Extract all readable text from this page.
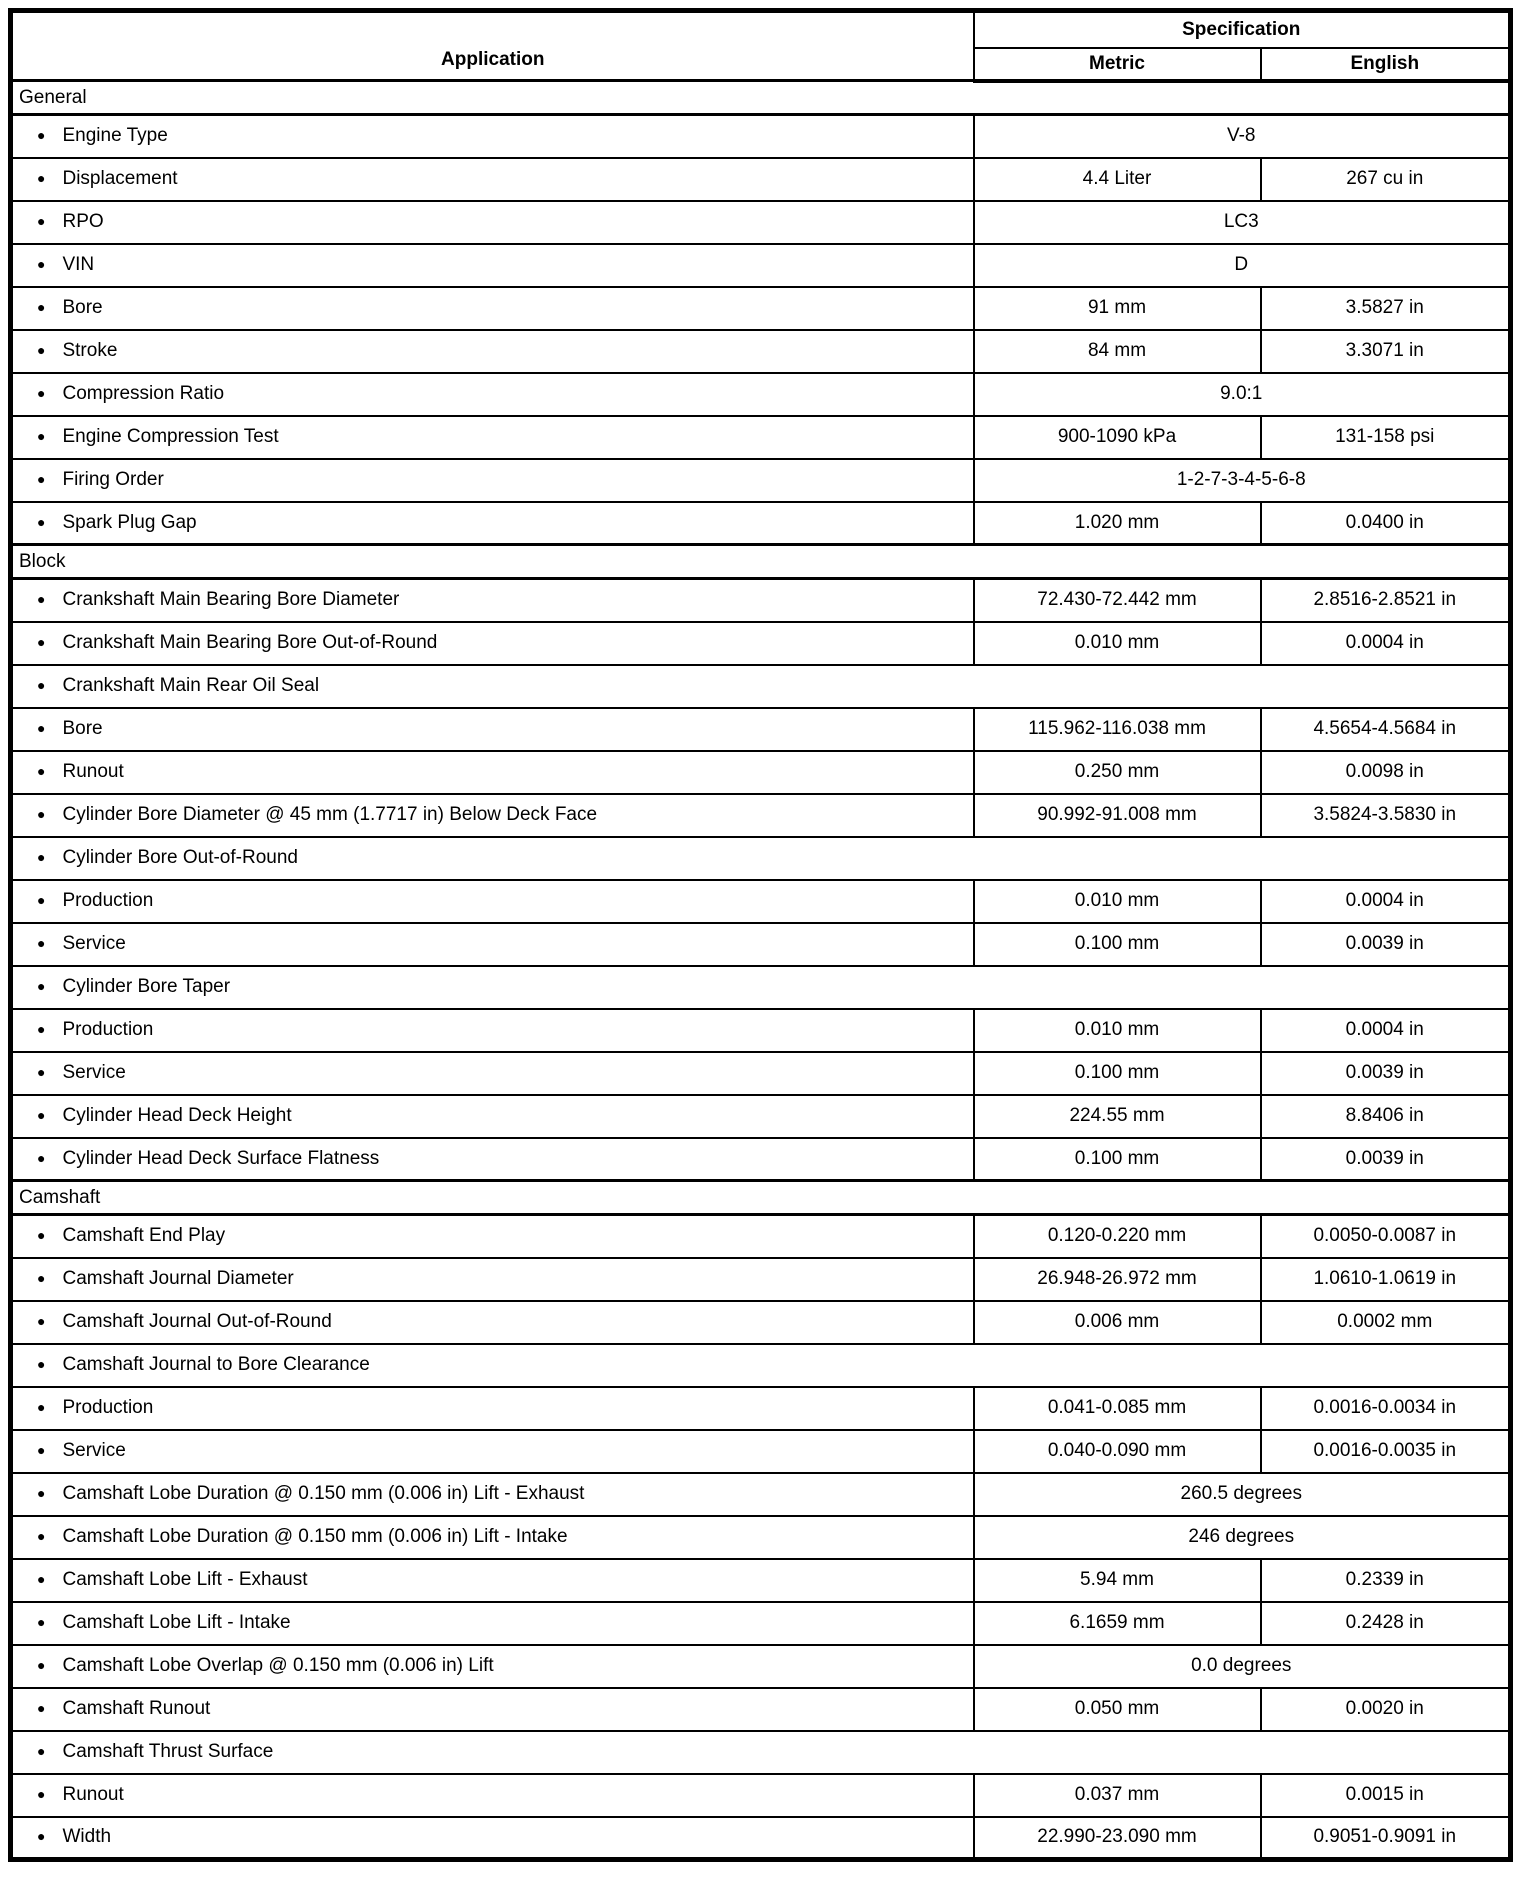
Application	Specification	
	Metric	English
General		
● Engine Type	V-8	
● Displacement	4.4 Liter	267 cu in
● RPO	LC3	
● VIN	D	
● Bore	91 mm	3.5827 in
● Stroke	84 mm	3.3071 in
● Compression Ratio	9.0:1	
● Engine Compression Test	900-1090 kPa	131-158 psi
● Firing Order	1-2-7-3-4-5-6-8	
● Spark Plug Gap	1.020 mm	0.0400 in
Block		
● Crankshaft Main Bearing Bore Diameter	72.430-72.442 mm	2.8516-2.8521 in
● Crankshaft Main Bearing Bore Out-of-Round	0.010 mm	0.0004 in
● Crankshaft Main Rear Oil Seal		
● Bore	115.962-116.038 mm	4.5654-4.5684 in
● Runout	0.250 mm	0.0098 in
● Cylinder Bore Diameter @ 45 mm (1.7717 in) Below Deck Face	90.992-91.008 mm	3.5824-3.5830 in
● Cylinder Bore Out-of-Round		
● Production	0.010 mm	0.0004 in
● Service	0.100 mm	0.0039 in
● Cylinder Bore Taper		
● Production	0.010 mm	0.0004 in
● Service	0.100 mm	0.0039 in
● Cylinder Head Deck Height	224.55 mm	8.8406 in
● Cylinder Head Deck Surface Flatness	0.100 mm	0.0039 in
Camshaft		
● Camshaft End Play	0.120-0.220 mm	0.0050-0.0087 in
● Camshaft Journal Diameter	26.948-26.972 mm	1.0610-1.0619 in
● Camshaft Journal Out-of-Round	0.006 mm	0.0002 mm
● Camshaft Journal to Bore Clearance		
● Production	0.041-0.085 mm	0.0016-0.0034 in
● Service	0.040-0.090 mm	0.0016-0.0035 in
● Camshaft Lobe Duration @ 0.150 mm (0.006 in) Lift - Exhaust	260.5 degrees	
● Camshaft Lobe Duration @ 0.150 mm (0.006 in) Lift - Intake	246 degrees	
● Camshaft Lobe Lift - Exhaust	5.94 mm	0.2339 in
● Camshaft Lobe Lift - Intake	6.1659 mm	0.2428 in
● Camshaft Lobe Overlap @ 0.150 mm (0.006 in) Lift	0.0 degrees	
● Camshaft Runout	0.050 mm	0.0020 in
● Camshaft Thrust Surface		
● Runout	0.037 mm	0.0015 in
● Width	22.990-23.090 mm	0.9051-0.9091 in
